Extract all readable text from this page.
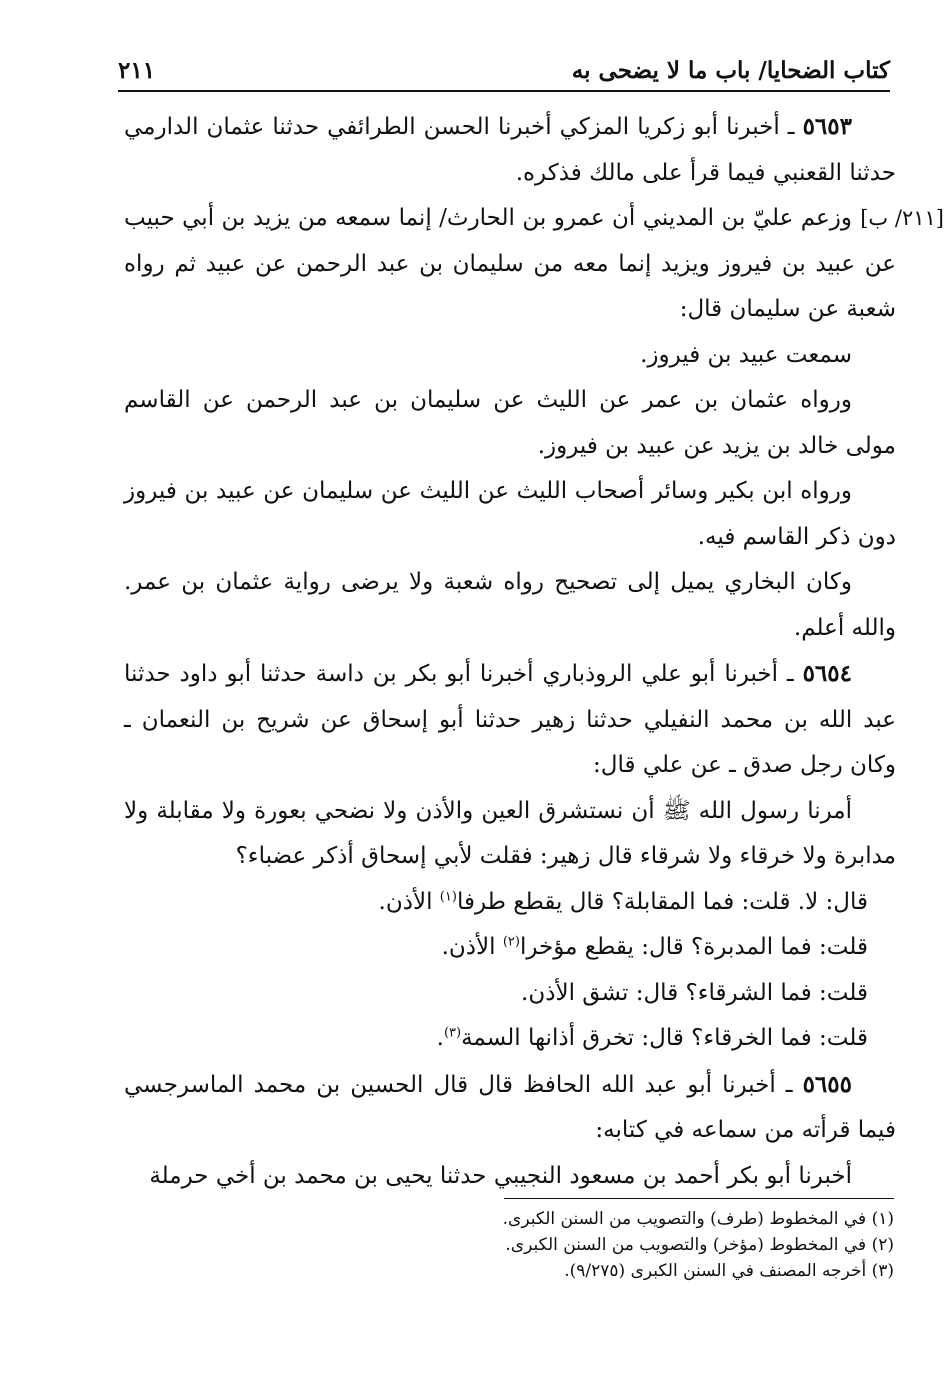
كتاب الضحايا/ باب ما لا يضحى به
٢١١
[٢١١/ ب]

٥٦٥٣ ـ أخبرنا أبو زكريا المزكي أخبرنا الحسن الطرائفي حدثنا عثمان الدارمي حدثنا القعنبي فيما قرأ على مالك فذكره.

وزعم عليّ بن المديني أن عمرو بن الحارث/ إنما سمعه من يزيد بن أبي حبيب عن عبيد بن فيروز ويزيد إنما معه من سليمان بن عبد الرحمن عن عبيد ثم رواه شعبة عن سليمان قال:

سمعت عبيد بن فيروز.

ورواه عثمان بن عمر عن الليث عن سليمان بن عبد الرحمن عن القاسم مولى خالد بن يزيد عن عبيد بن فيروز.

ورواه ابن بكير وسائر أصحاب الليث عن الليث عن سليمان عن عبيد بن فيروز دون ذكر القاسم فيه.

وكان البخاري يميل إلى تصحيح رواه شعبة ولا يرضى رواية عثمان بن عمر. والله أعلم.

٥٦٥٤ ـ أخبرنا أبو علي الروذباري أخبرنا أبو بكر بن داسة حدثنا أبو داود حدثنا عبد الله بن محمد النفيلي حدثنا زهير حدثنا أبو إسحاق عن شريح بن النعمان ـ وكان رجل صدق ـ عن علي قال:

أمرنا رسول الله ﷺ أن نستشرق العين والأذن ولا نضحي بعورة ولا مقابلة ولا مدابرة ولا خرقاء ولا شرقاء قال زهير: فقلت لأبي إسحاق أذكر عضباء؟

قال: لا. قلت: فما المقابلة؟ قال يقطع طرفا$^{(١)}$ الأذن.

قلت: فما المدبرة؟ قال: يقطع مؤخرا$^{(٢)}$ الأذن.

قلت: فما الشرقاء؟ قال: تشق الأذن.

قلت: فما الخرقاء؟ قال: تخرق أذانها السمة$^{(٣)}$.

٥٦٥٥ ـ أخبرنا أبو عبد الله الحافظ قال قال الحسين بن محمد الماسرجسي فيما قرأته من سماعه في كتابه:

أخبرنا أبو بكر أحمد بن مسعود النجيبي حدثنا يحيى بن محمد بن أخي حرملة

(١) في المخطوط (طرف) والتصويب من السنن الكبرى.

(٢) في المخطوط (مؤخر) والتصويب من السنن الكبرى.

(٣) أخرجه المصنف في السنن الكبرى (٩/٢٧٥).
